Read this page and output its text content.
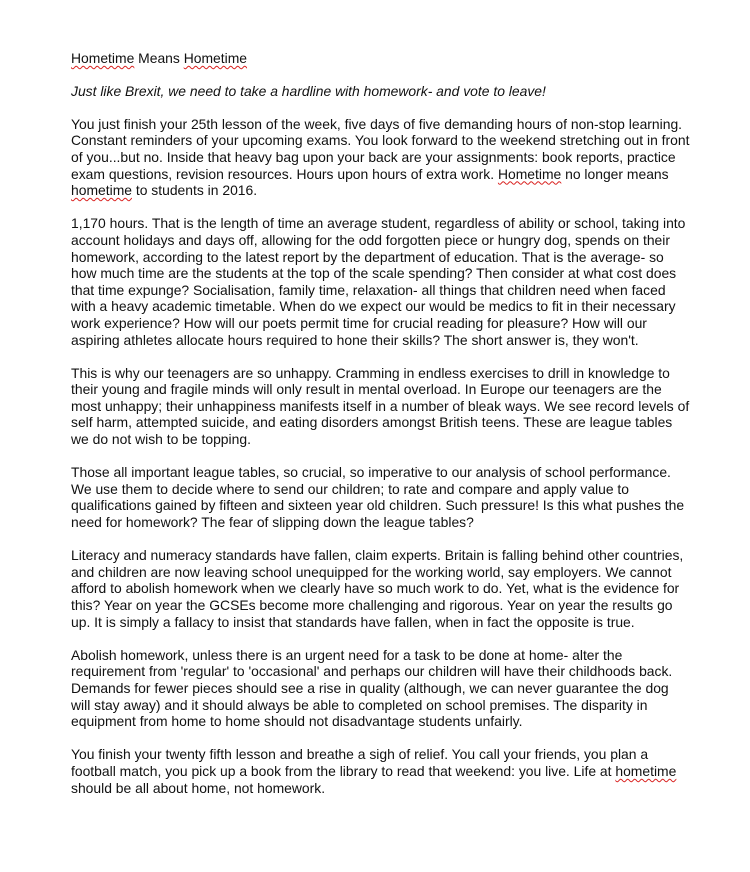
Hometime Means Hometime

Just like Brexit, we need to take a hardline with homework- and vote to leave!

You just finish your 25th lesson of the week, five days of five demanding hours of non-stop learning. Constant reminders of your upcoming exams. You look forward to the weekend stretching out in front of you...but no. Inside that heavy bag upon your back are your assignments: book reports, practice exam questions, revision resources. Hours upon hours of extra work. Hometime no longer means hometime to students in 2016.

1,170 hours. That is the length of time an average student, regardless of ability or school, taking into account holidays and days off, allowing for the odd forgotten piece or hungry dog, spends on their homework, according to the latest report by the department of education. That is the average- so how much time are the students at the top of the scale spending? Then consider at what cost does that time expunge? Socialisation, family time, relaxation- all things that children need when faced with a heavy academic timetable. When do we expect our would be medics to fit in their necessary work experience? How will our poets permit time for crucial reading for pleasure? How will our aspiring athletes allocate hours required to hone their skills? The short answer is, they won't.

This is why our teenagers are so unhappy. Cramming in endless exercises to drill in knowledge to their young and fragile minds will only result in mental overload. In Europe our teenagers are the most unhappy; their unhappiness manifests itself in a number of bleak ways. We see record levels of self harm, attempted suicide, and eating disorders amongst British teens. These are league tables we do not wish to be topping.

Those all important league tables, so crucial, so imperative to our analysis of school performance. We use them to decide where to send our children; to rate and compare and apply value to qualifications gained by fifteen and sixteen year old children. Such pressure! Is this what pushes the need for homework? The fear of slipping down the league tables?

Literacy and numeracy standards have fallen, claim experts. Britain is falling behind other countries, and children are now leaving school unequipped for the working world, say employers. We cannot afford to abolish homework when we clearly have so much work to do. Yet, what is the evidence for this? Year on year the GCSEs become more challenging and rigorous. Year on year the results go up. It is simply a fallacy to insist that standards have fallen, when in fact the opposite is true.

Abolish homework, unless there is an urgent need for a task to be done at home- alter the requirement from 'regular' to 'occasional' and perhaps our children will have their childhoods back. Demands for fewer pieces should see a rise in quality (although, we can never guarantee the dog will stay away) and it should always be able to completed on school premises. The disparity in equipment from home to home should not disadvantage students unfairly.

You finish your twenty fifth lesson and breathe a sigh of relief. You call your friends, you plan a football match, you pick up a book from the library to read that weekend: you live. Life at hometime should be all about home, not homework.
